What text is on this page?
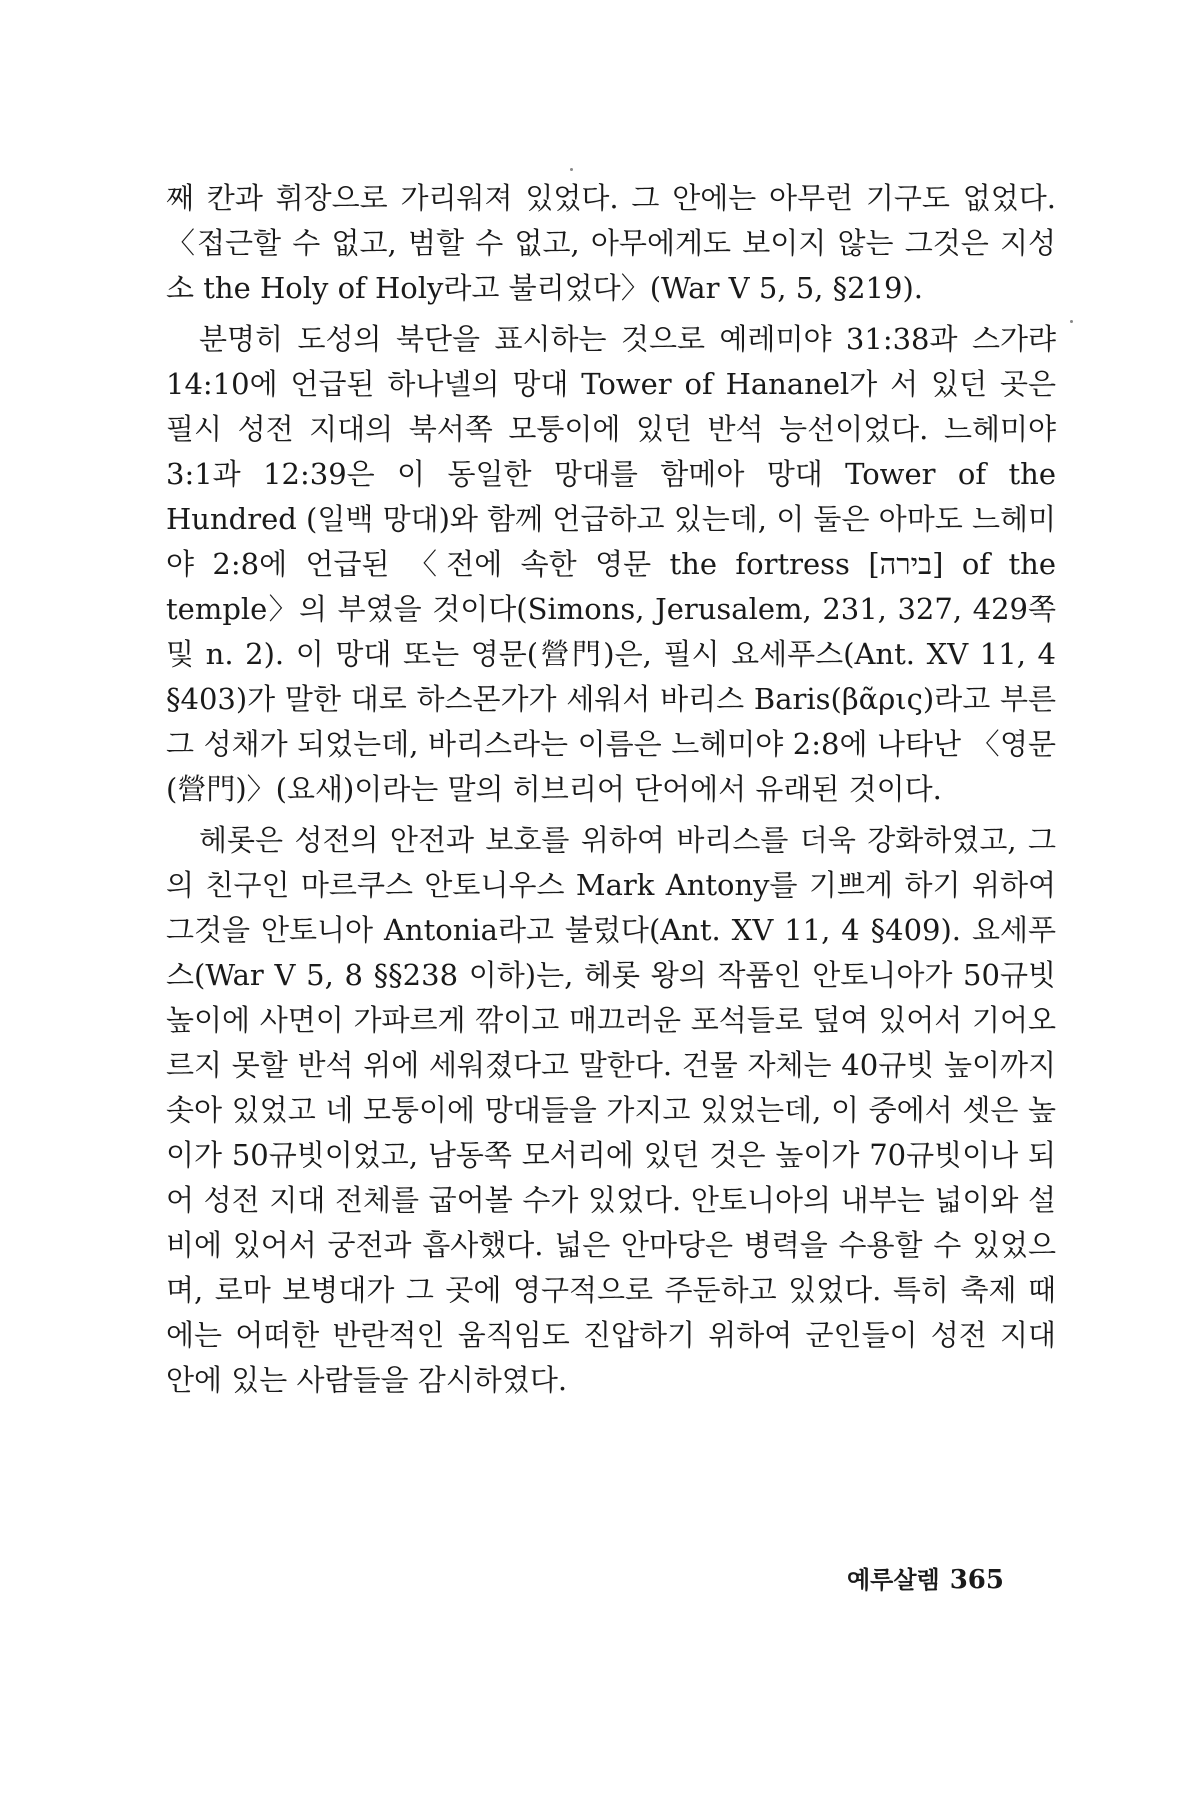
째 칸과 휘장으로 가리워져 있었다. 그 안에는 아무런 기구도 없었다. 〈접근할 수 없고, 범할 수 없고, 아무에게도 보이지 않는 그것은 지성소 the Holy of Holy라고 불리었다〉(War V 5, 5, §219).

분명히 도성의 북단을 표시하는 것으로 예레미야 31:38과 스가랴 14:10에 언급된 하나넬의 망대 Tower of Hananel가 서 있던 곳은 필시 성전 지대의 북서쪽 모퉁이에 있던 반석 능선이었다. 느헤미야 3:1과 12:39은 이 동일한 망대를 함메아 망대 Tower of the Hundred (일백 망대)와 함께 언급하고 있는데, 이 둘은 아마도 느헤미야 2:8에 언급된 〈전에 속한 영문 the fortress [בירה] of the temple〉의 부였을 것이다(Simons, Jerusalem, 231, 327, 429쪽 및 n. 2). 이 망대 또는 영문(營門)은, 필시 요세푸스(Ant. XV 11, 4 §403)가 말한 대로 하스몬가가 세워서 바리스 Baris(βᾶρις)라고 부른 그 성채가 되었는데, 바리스라는 이름은 느헤미야 2:8에 나타난 〈영문(營門)〉(요새)이라는 말의 히브리어 단어에서 유래된 것이다.

헤롯은 성전의 안전과 보호를 위하여 바리스를 더욱 강화하였고, 그의 친구인 마르쿠스 안토니우스 Mark Antony를 기쁘게 하기 위하여 그것을 안토니아 Antonia라고 불렀다(Ant. XV 11, 4 §409). 요세푸스(War V 5, 8 §§238 이하)는, 헤롯 왕의 작품인 안토니아가 50규빗 높이에 사면이 가파르게 깎이고 매끄러운 포석들로 덮여 있어서 기어오르지 못할 반석 위에 세워졌다고 말한다. 건물 자체는 40규빗 높이까지 솟아 있었고 네 모퉁이에 망대들을 가지고 있었는데, 이 중에서 셋은 높이가 50규빗이었고, 남동쪽 모서리에 있던 것은 높이가 70규빗이나 되어 성전 지대 전체를 굽어볼 수가 있었다. 안토니아의 내부는 넓이와 설비에 있어서 궁전과 흡사했다. 넓은 안마당은 병력을 수용할 수 있었으며, 로마 보병대가 그 곳에 영구적으로 주둔하고 있었다. 특히 축제 때에는 어떠한 반란적인 움직임도 진압하기 위하여 군인들이 성전 지대 안에 있는 사람들을 감시하였다.

예루살렘 365
